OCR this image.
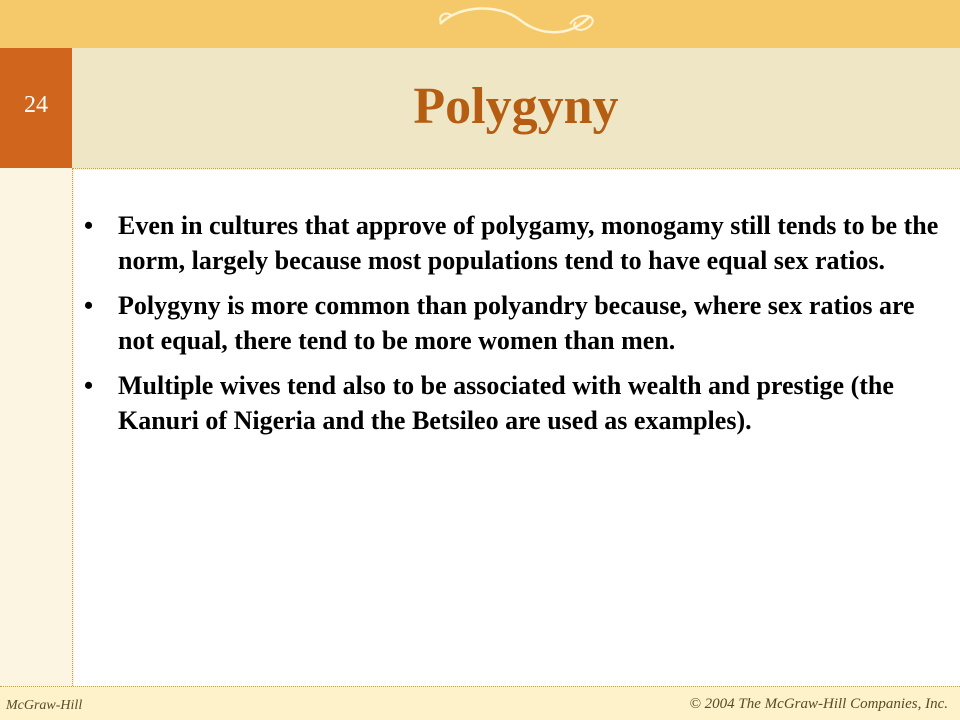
24	Polygyny
• Even in cultures that approve of polygamy, monogamy still tends to be the norm, largely because most populations tend to have equal sex ratios.
• Polygyny is more common than polyandry because, where sex ratios are not equal, there tend to be more women than men.
• Multiple wives tend also to be associated with wealth and prestige (the Kanuri of Nigeria and the Betsileo are used as examples).
McGraw-Hill	© 2004 The McGraw-Hill Companies, Inc.
